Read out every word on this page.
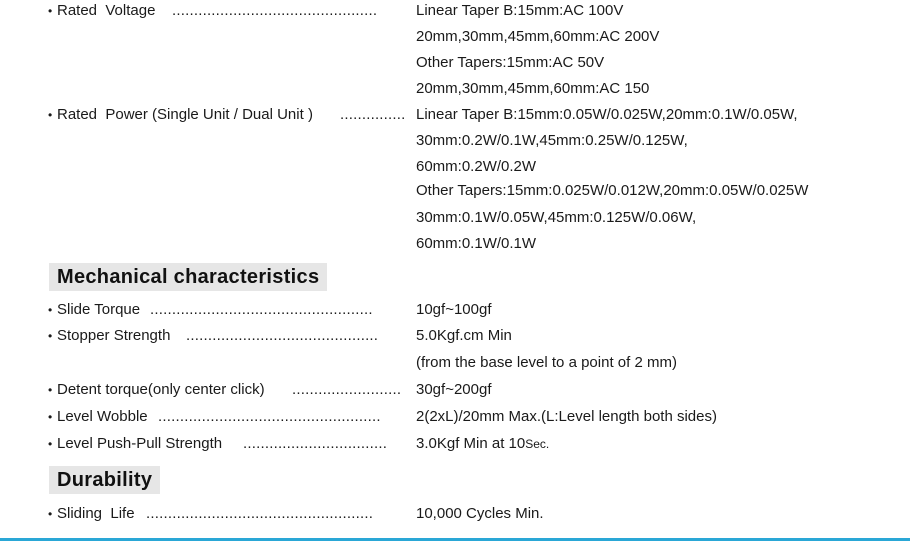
• Rated  Voltage ...............................................	Linear Taper B:15mm:AC 100V
20mm,30mm,45mm,60mm:AC 200V
Other Tapers:15mm:AC 50V
20mm,30mm,45mm,60mm:AC 150
• Rated  Power (Single Unit / Dual Unit ) ............... Linear Taper B:15mm:0.05W/0.025W,20mm:0.1W/0.05W,
30mm:0.2W/0.1W,45mm:0.25W/0.125W,
60mm:0.2W/0.2W
Other Tapers:15mm:0.025W/0.012W,20mm:0.05W/0.025W
30mm:0.1W/0.05W,45mm:0.125W/0.06W,
60mm:0.1W/0.1W
Mechanical characteristics
• Slide Torque ...................................................	10gf~100gf
• Stopper Strength ............................................	5.0Kgf.cm Min
(from the base level to a point of 2 mm)
• Detent torque(only center click) ......................... 30gf~200gf
• Level Wobble ...................................................	2(2xL)/20mm Max.(L:Level length both sides)
• Level Push-Pull Strength .................................	3.0Kgf Min at 10Sec.
Durability
• Sliding  Life ....................................................	10,000 Cycles Min.
